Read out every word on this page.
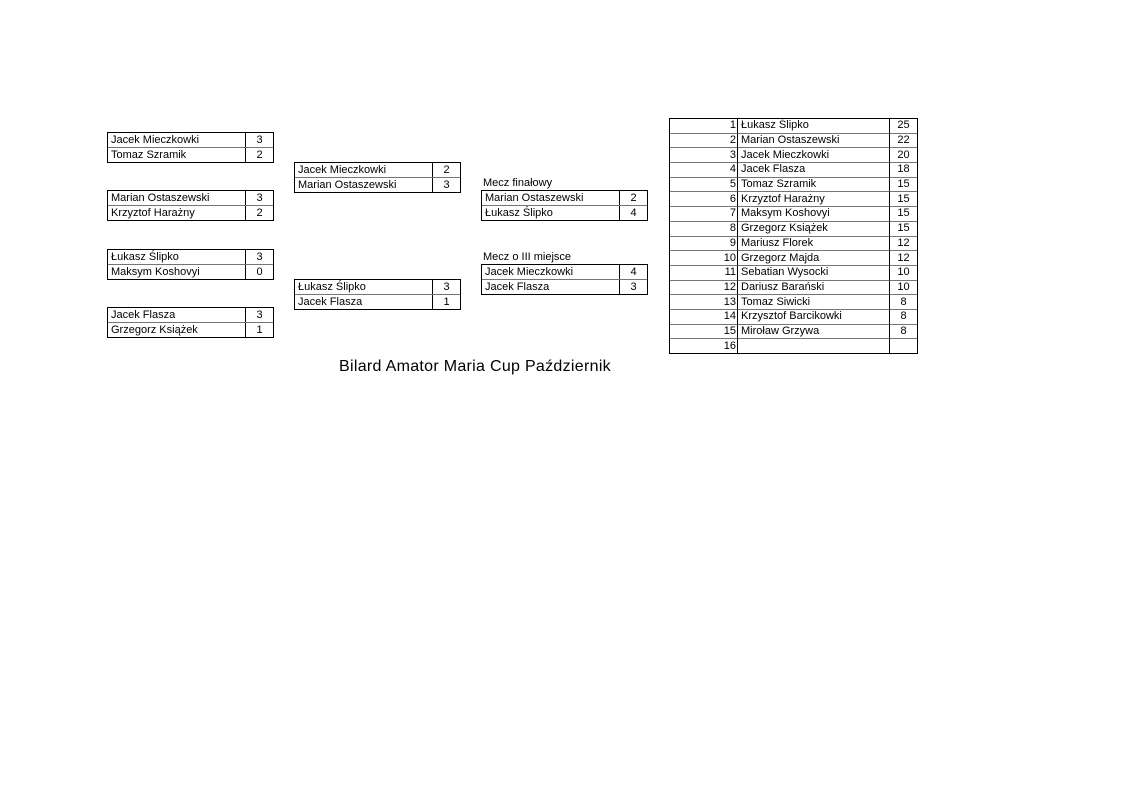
Jacek Mieczkowki	3
Tomaz Szramik	2
Marian Ostaszewski	3
Krzyztof Harażny	2
Łukasz Ślipko	3
Maksym Koshovyi	0
Jacek Flasza	3
Grzegorz Książek	1
Jacek Mieczkowki	2
Marian Ostaszewski	3
Łukasz Ślipko	3
Jacek Flasza	1
Mecz finałowy
Marian Ostaszewski	2
Łukasz Ślipko	4
Mecz o III miejsce
Jacek Mieczkowki	4
Jacek Flasza	3
1	Łukasz Ślipko	25
2	Marian Ostaszewski	22
3	Jacek Mieczkowki	20
4	Jacek Flasza	18
5	Tomaz Szramik	15
6	Krzyztof Harażny	15
7	Maksym Koshovyi	15
8	Grzegorz Książek	15
9	Mariusz Florek	12
10	Grzegorz Majda	12
11	Sebatian Wysocki	10
12	Dariusz Barański	10
13	Tomaz Siwicki	8
14	Krzysztof Barcikowki	8
15	Miroław Grzywa	8
16		
Bilard Amator Maria Cup Październik
